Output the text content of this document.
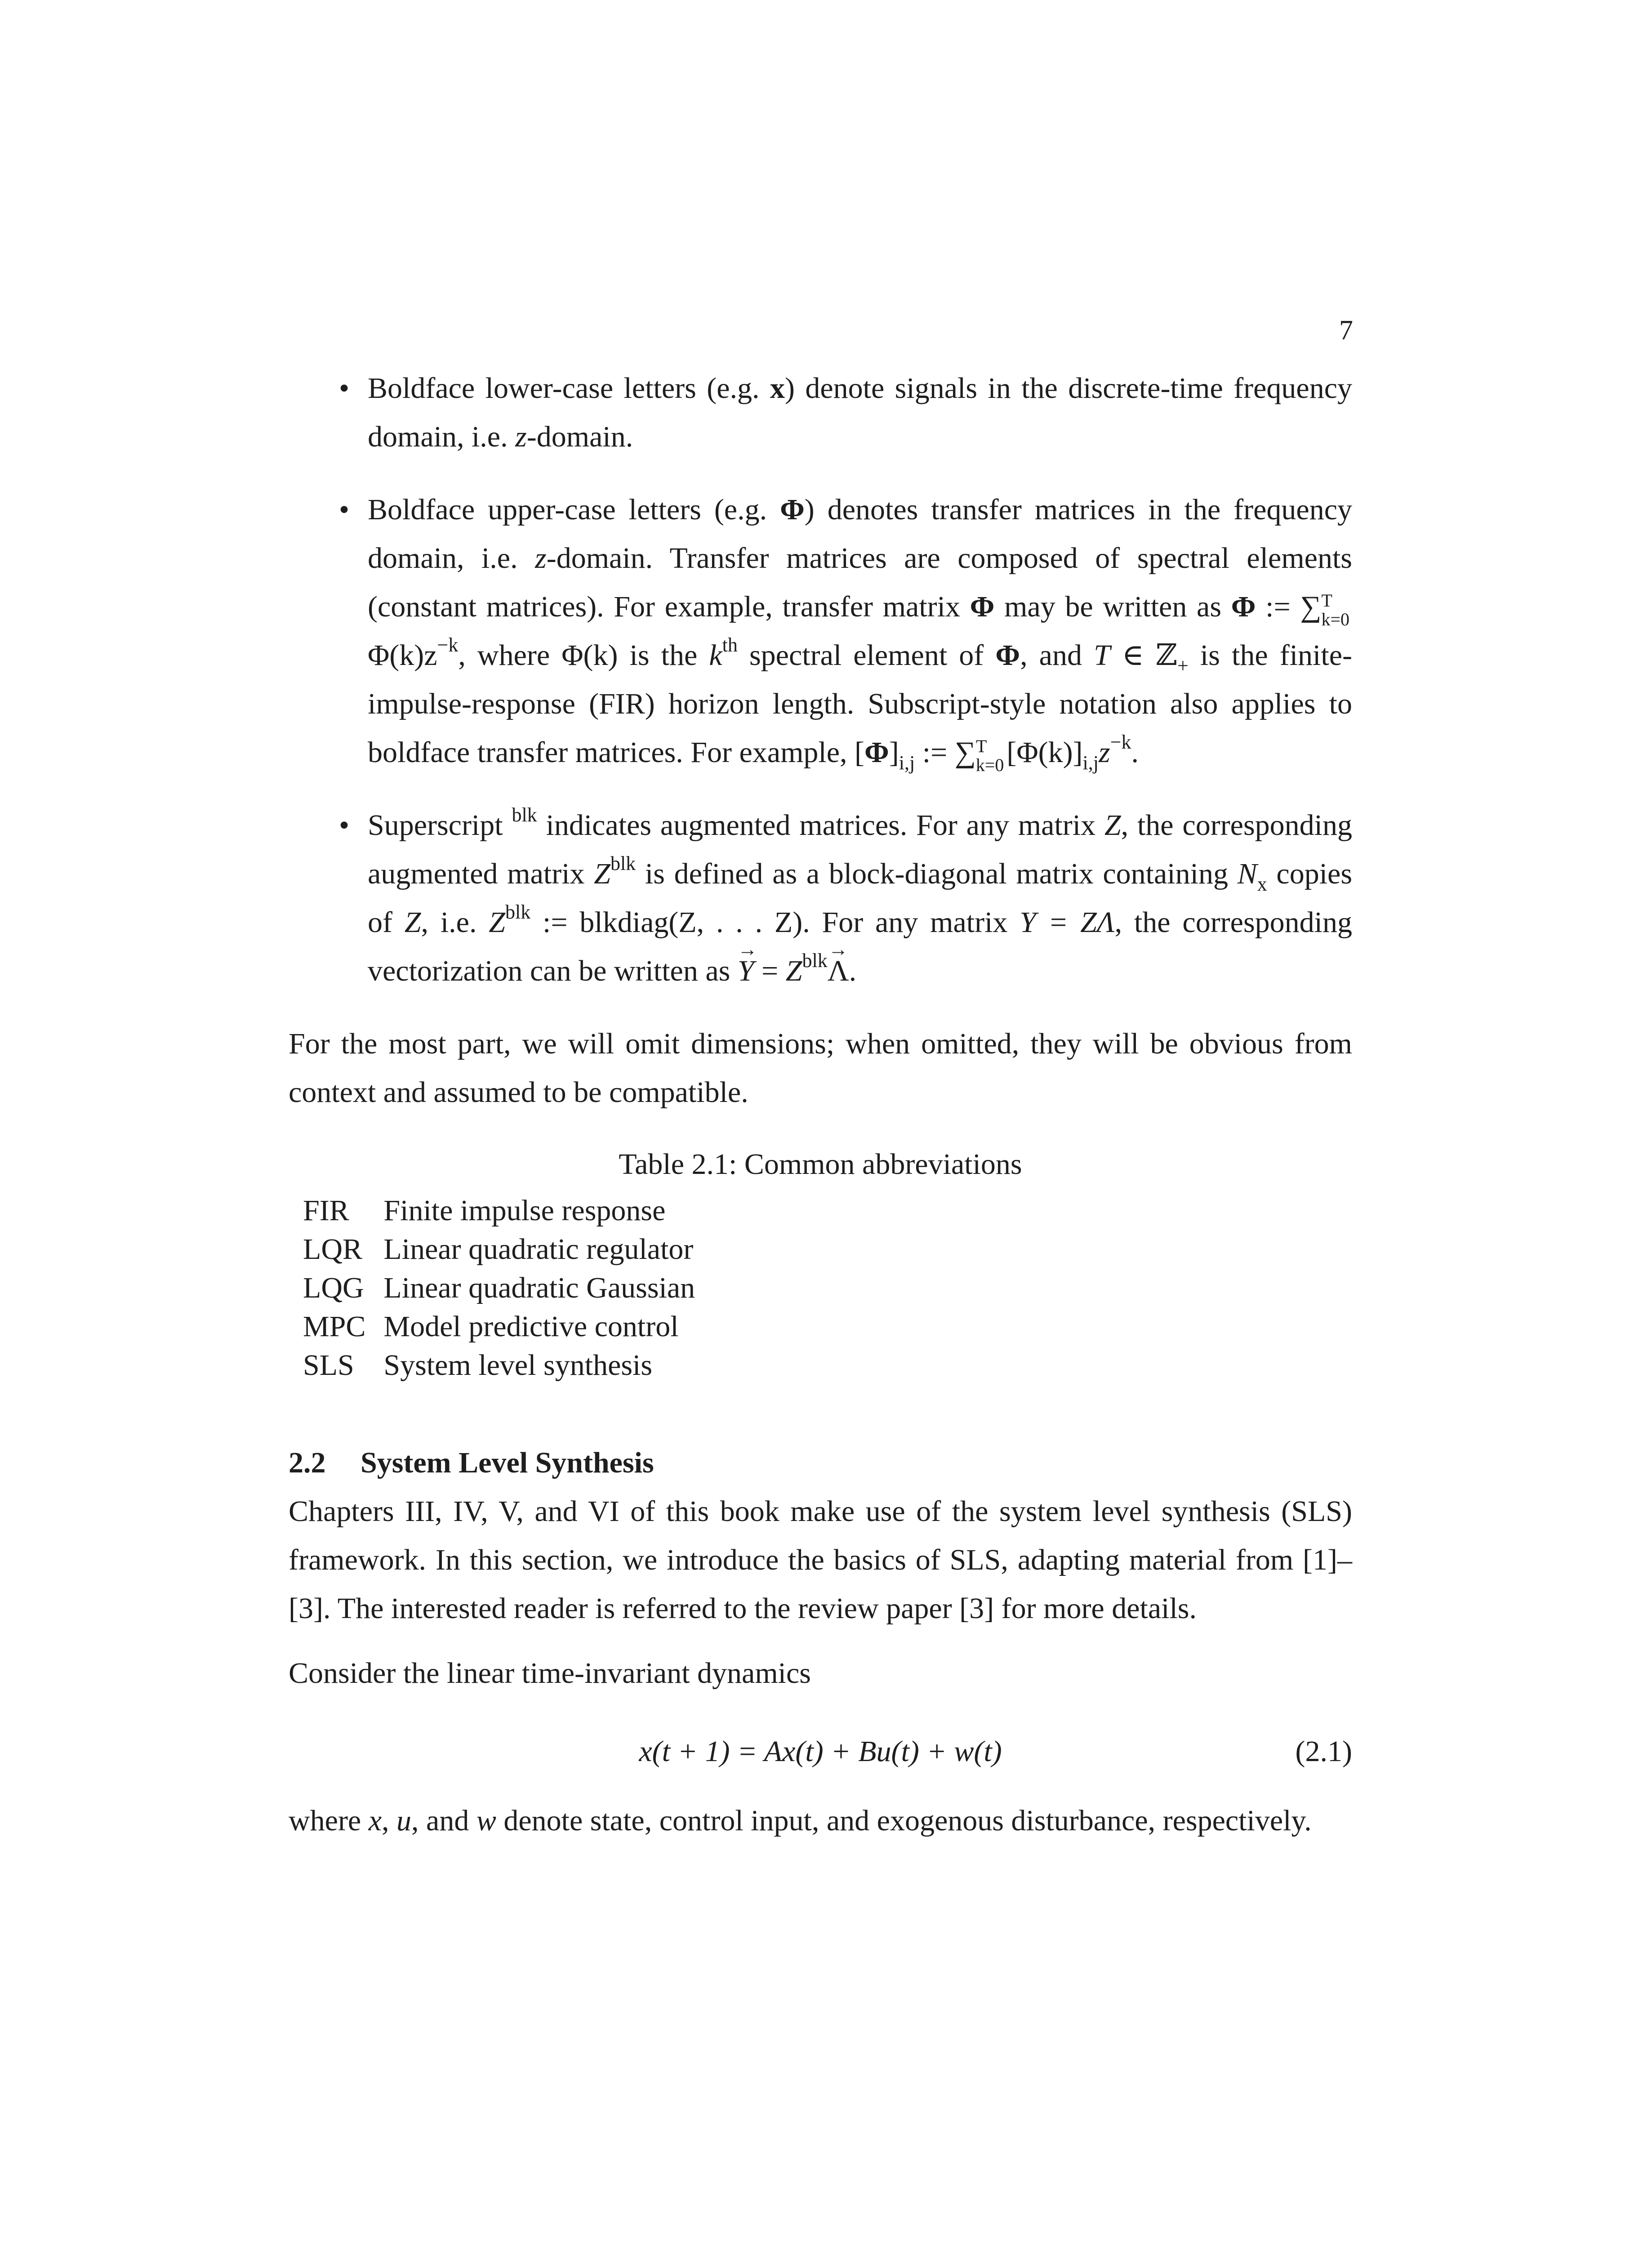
7
• Boldface lower-case letters (e.g. x) denote signals in the discrete-time frequency domain, i.e. z-domain.
• Boldface upper-case letters (e.g. Φ) denotes transfer matrices in the frequency domain, i.e. z-domain. Transfer matrices are composed of spectral elements (constant matrices). For example, transfer matrix Φ may be written as Φ := ∑ T
k=0
$\Phi(k)z^{-k}$, where Φ(k) is the $k^{th}$ spectral element of Φ, and T ∈ ℤ$_+$ is the finite-impulse-response (FIR) horizon length. Subscript-style notation also applies to boldface transfer matrices. For example, $[\Phi]_{i,j}$ := ∑ T
k=0 $[\Phi(k)]_{i,j}z^{-k}$.
• Superscript $^{blk}$ indicates augmented matrices. For any matrix Z, the corresponding augmented matrix $Z^{blk}$ is defined as a block-diagonal matrix containing $N_x$ copies of Z, i.e. $Z^{blk}$ := blkdiag(Z, . . . Z). For any matrix Y = ZΛ, the corresponding vectorization can be written as → $Y = Z^{blk}\to \Lambda$.

For the most part, we will omit dimensions; when omitted, they will be obvious from context and assumed to be compatible.

Table 2.1: Common abbreviations
FIR	Finite impulse response
LQR	Linear quadratic regulator
LQG	Linear quadratic Gaussian
MPC	Model predictive control
SLS	System level synthesis
2.2 System Level Synthesis

Chapters III, IV, V, and VI of this book make use of the system level synthesis (SLS) framework. In this section, we introduce the basics of SLS, adapting material from [1]–[3]. The interested reader is referred to the review paper [3] for more details.

Consider the linear time-invariant dynamics

x(t + 1) = Ax(t) + Bu(t) + w(t)	(2.1)

where x, u, and w denote state, control input, and exogenous disturbance, respectively.
